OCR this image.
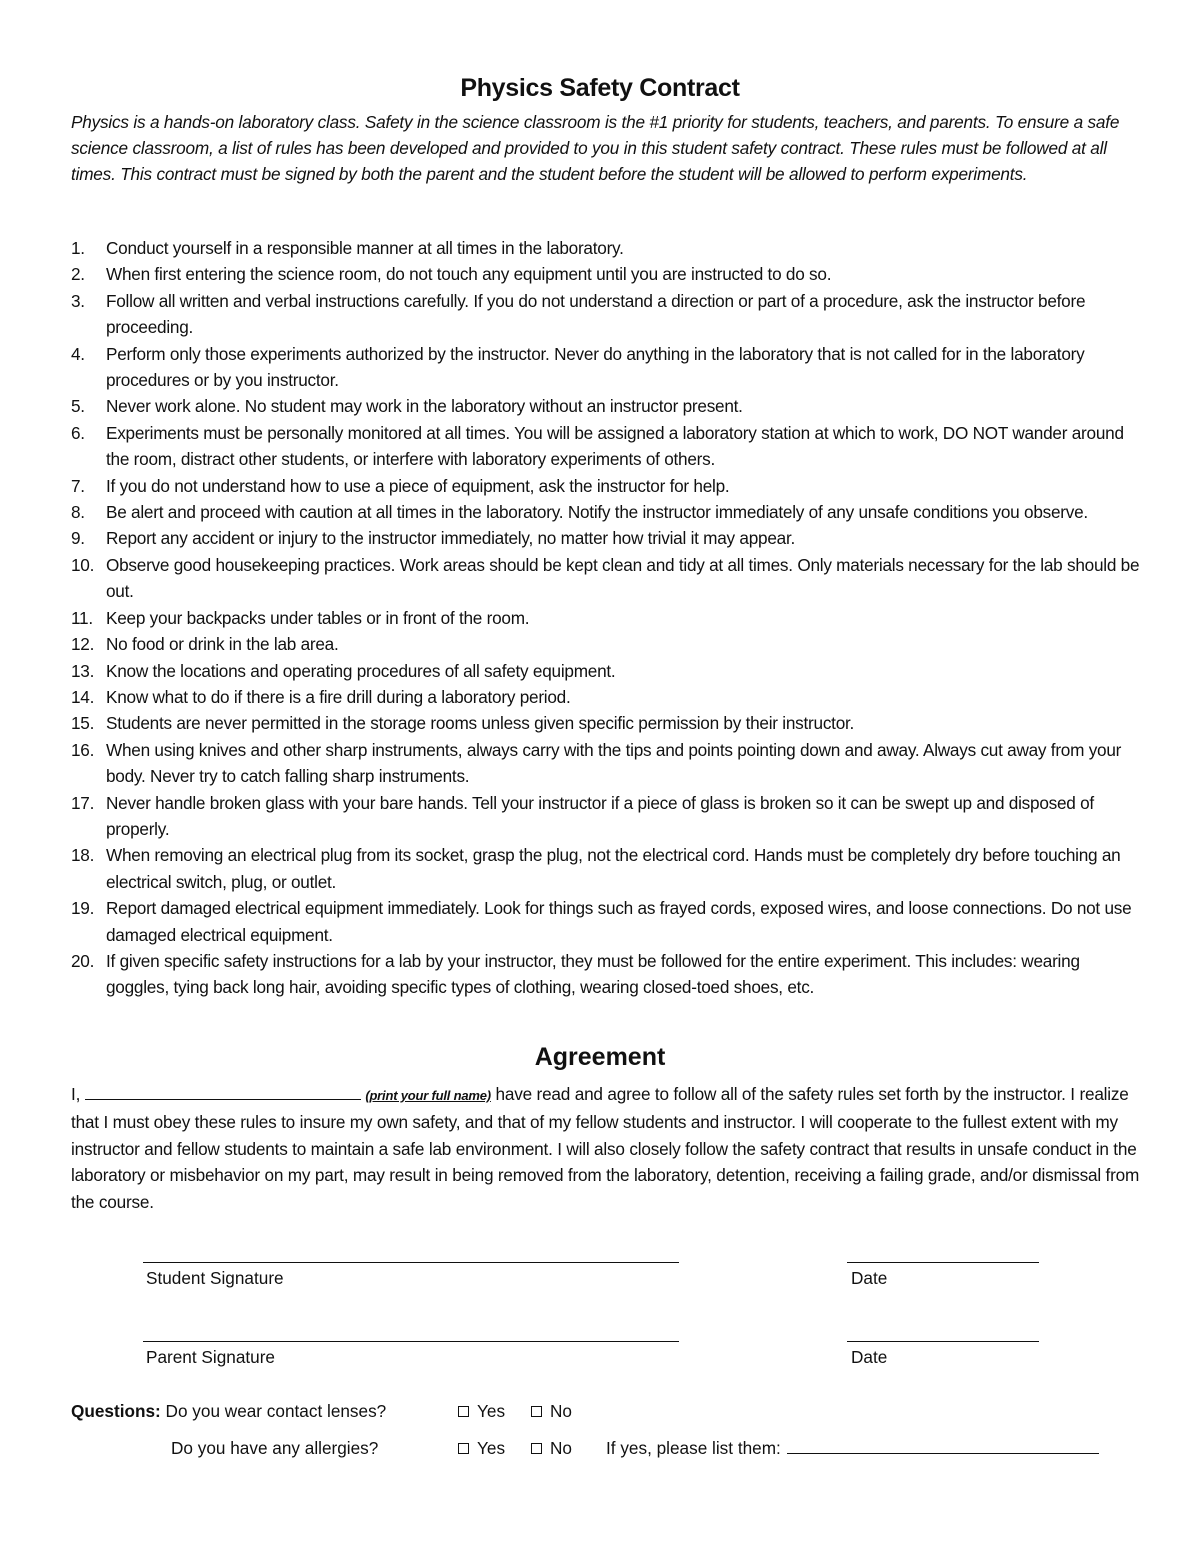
Physics Safety Contract
Physics is a hands-on laboratory class. Safety in the science classroom is the #1 priority for students, teachers, and parents. To ensure a safe science classroom, a list of rules has been developed and provided to you in this student safety contract. These rules must be followed at all times. This contract must be signed by both the parent and the student before the student will be allowed to perform experiments.
1. Conduct yourself in a responsible manner at all times in the laboratory.
2. When first entering the science room, do not touch any equipment until you are instructed to do so.
3. Follow all written and verbal instructions carefully. If you do not understand a direction or part of a procedure, ask the instructor before proceeding.
4. Perform only those experiments authorized by the instructor. Never do anything in the laboratory that is not called for in the laboratory procedures or by you instructor.
5. Never work alone. No student may work in the laboratory without an instructor present.
6. Experiments must be personally monitored at all times. You will be assigned a laboratory station at which to work, DO NOT wander around the room, distract other students, or interfere with laboratory experiments of others.
7. If you do not understand how to use a piece of equipment, ask the instructor for help.
8. Be alert and proceed with caution at all times in the laboratory. Notify the instructor immediately of any unsafe conditions you observe.
9. Report any accident or injury to the instructor immediately, no matter how trivial it may appear.
10. Observe good housekeeping practices. Work areas should be kept clean and tidy at all times. Only materials necessary for the lab should be out.
11. Keep your backpacks under tables or in front of the room.
12. No food or drink in the lab area.
13. Know the locations and operating procedures of all safety equipment.
14. Know what to do if there is a fire drill during a laboratory period.
15. Students are never permitted in the storage rooms unless given specific permission by their instructor.
16. When using knives and other sharp instruments, always carry with the tips and points pointing down and away. Always cut away from your body. Never try to catch falling sharp instruments.
17. Never handle broken glass with your bare hands. Tell your instructor if a piece of glass is broken so it can be swept up and disposed of properly.
18. When removing an electrical plug from its socket, grasp the plug, not the electrical cord. Hands must be completely dry before touching an electrical switch, plug, or outlet.
19. Report damaged electrical equipment immediately. Look for things such as frayed cords, exposed wires, and loose connections. Do not use damaged electrical equipment.
20. If given specific safety instructions for a lab by your instructor, they must be followed for the entire experiment. This includes: wearing goggles, tying back long hair, avoiding specific types of clothing, wearing closed-toed shoes, etc.
Agreement
I,	(print your full name) have read and agree to follow all of the safety rules set forth by the instructor. I realize that I must obey these rules to insure my own safety, and that of my fellow students and instructor. I will cooperate to the fullest extent with my instructor and fellow students to maintain a safe lab environment. I will also closely follow the safety contract that results in unsafe conduct in the laboratory or misbehavior on my part, may result in being removed from the laboratory, detention, receiving a failing grade, and/or dismissal from the course.
Student Signature	Date
Parent Signature	Date
Questions: Do you wear contact lenses?	Yes	No
Do you have any allergies?	Yes	No If yes, please list them:
